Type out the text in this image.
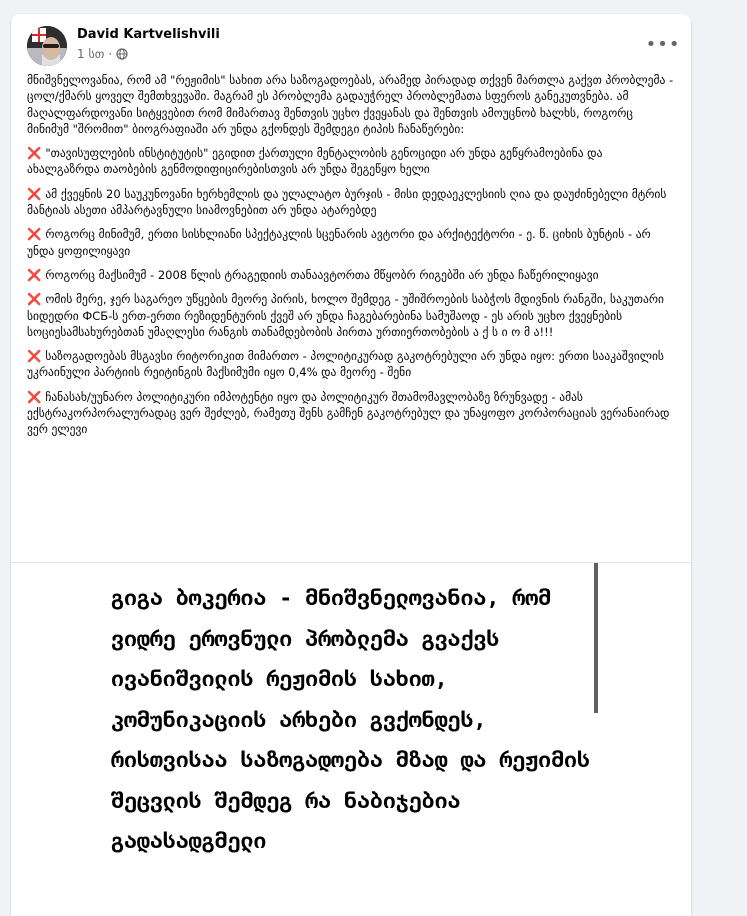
David Kartvelishvili
1 სთ ·	•••

მნიშვნელოვანია, რომ ამ "რეჟიმის" სახით არა საზოგადოებას, არამედ პირადად თქვენ მართლა გაქვთ პრობლემა - ცოლ/ქმარს ყოველ შემთხვევაში. მაგრამ ეს პრობლემა გადაუჭრელ პრობლემათა სფეროს განეკუთვნება. ამ მაღალფარდოვანი სიტყვებით რომ მიმართავ შენთვის უცხო ქვეყანას და შენთვის ამოუცნობ ხალხს, როგორც მინიმუმ "შრომით" ბიოგრაფიაში არ უნდა გქონდეს შემდეგი ტიპის ჩანაწერები:

❌ "თავისუფლების ინსტიტუტის" ეგიდით ქართული მენტალობის გენოციდი არ უნდა გეწყრამოებინა და ახალგაზრდა თაობების გენმოდიფიცირებისთვის არ უნდა შეგეწყო ხელი

❌ ამ ქვეყნის 20 საუკუნოვანი ხერხემლის და ულალატო ბურჯის - მისი დედაეკლესიის ღია და დაუძინებელი მტრის მანტიას ასეთი ამპარტავნული სიამოვნებით არ უნდა ატარებდე

❌ როგორც მინიმუმ, ერთი სისხლიანი სპექტაკლის სცენარის ავტორი და არქიტექტორი - ე. წ. ციხის ბუნტის - არ უნდა ყოფილიყავი

❌ როგორც მაქსიმუმ - 2008 წლის ტრაგედიის თანაავტორთა მწყობრ რიგებში არ უნდა ჩაწერილიყავი

❌ ომის მერე, ჯერ საგარეო უწყების მეორე პირის, ხოლო შემდეგ - უშიშროების საბჭოს მდივნის რანგში, საკუთარი სიდედრი ФСБ-ს ერთ-ერთი რეზიდენტურის ქვეშ არ უნდა ჩაგებარებინა სამუშაოდ - ეს არის უცხო ქვეყნების სოციესამსახურებთან უმაღლესი რანგის თანამდებობის პირთა ურთიერთობების ა ქ ს ი ო მ ა!!!

❌ საზოგადოებას მსგავსი რიტორიკით მიმართო - პოლიტიკურად გაკოტრებული არ უნდა იყო: ერთი სააკაშვილის უკრაინული პარტიის რეიტინგის მაქსიმუმი იყო 0,4% და მეორე - შენი

❌ ჩანასახ/უუნარო პოლიტიკური იმპოტენტი იყო და პოლიტიკურ შთამომავლობაზე ზრუნვადე - ამას ექსტრაკორპორალურადაც ვერ შეძლებ, რამეთუ შენს გამჩენ გაკოტრებულ და უნაყოფო კორპორაციას ვერანაირად ვერ ელევი

გიგა ბოკერია - მნიშვნელოვანია, რომ ვიდრე ეროვნული პრობლემა გვაქვს ივანიშვილის რეჟიმის სახით, კომუნიკაციის არხები გვქონდეს, რისთვისაა საზოგადოება მზად და რეჟიმის შეცვლის შემდეგ რა ნაბიჯებია გადასადგმელი
